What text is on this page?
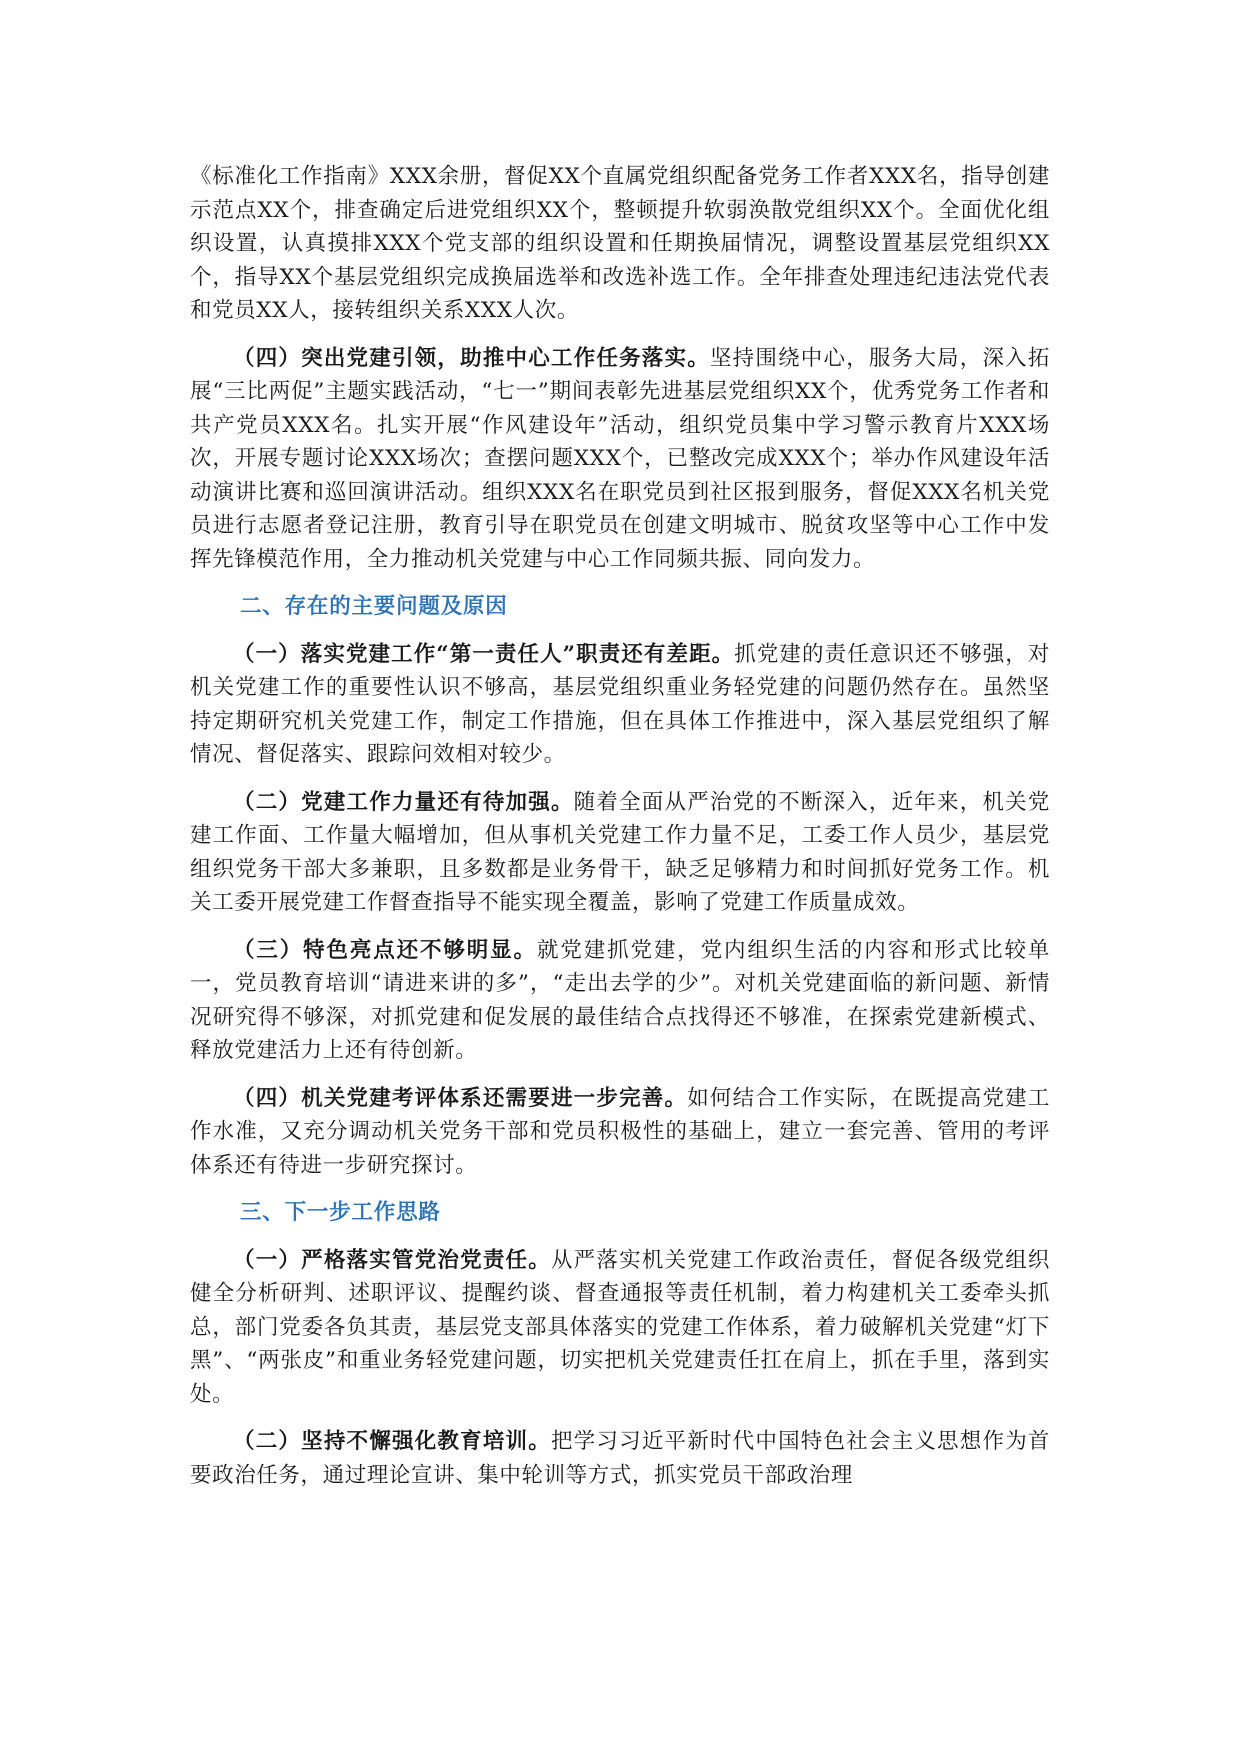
《标准化工作指南》XXX余册，督促XX个直属党组织配备党务工作者XXX名，指导创建示范点XX个，排查确定后进党组织XX个，整顿提升软弱涣散党组织XX个。全面优化组织设置，认真摸排XXX个党支部的组织设置和任期换届情况，调整设置基层党组织XX个，指导XX个基层党组织完成换届选举和改选补选工作。全年排查处理违纪违法党代表和党员XX人，接转组织关系XXX人次。

（四）突出党建引领，助推中心工作任务落实。坚持围绕中心，服务大局，深入拓展“三比两促”主题实践活动，“七一”期间表彰先进基层党组织XX个，优秀党务工作者和共产党员XXX名。扎实开展“作风建设年”活动，组织党员集中学习警示教育片XXX场次，开展专题讨论XXX场次；查摆问题XXX个，已整改完成XXX个；举办作风建设年活动演讲比赛和巡回演讲活动。组织XXX名在职党员到社区报到服务，督促XXX名机关党员进行志愿者登记注册，教育引导在职党员在创建文明城市、脱贫攻坚等中心工作中发挥先锋模范作用，全力推动机关党建与中心工作同频共振、同向发力。

二、存在的主要问题及原因

（一）落实党建工作“第一责任人”职责还有差距。抓党建的责任意识还不够强，对机关党建工作的重要性认识不够高，基层党组织重业务轻党建的问题仍然存在。虽然坚持定期研究机关党建工作，制定工作措施，但在具体工作推进中，深入基层党组织了解情况、督促落实、跟踪问效相对较少。

（二）党建工作力量还有待加强。随着全面从严治党的不断深入，近年来，机关党建工作面、工作量大幅增加，但从事机关党建工作力量不足，工委工作人员少，基层党组织党务干部大多兼职，且多数都是业务骨干，缺乏足够精力和时间抓好党务工作。机关工委开展党建工作督查指导不能实现全覆盖，影响了党建工作质量成效。

（三）特色亮点还不够明显。就党建抓党建，党内组织生活的内容和形式比较单一，党员教育培训“请进来讲的多”，“走出去学的少”。对机关党建面临的新问题、新情况研究得不够深，对抓党建和促发展的最佳结合点找得还不够准，在探索党建新模式、释放党建活力上还有待创新。

（四）机关党建考评体系还需要进一步完善。如何结合工作实际，在既提高党建工作水准，又充分调动机关党务干部和党员积极性的基础上，建立一套完善、管用的考评体系还有待进一步研究探讨。

三、下一步工作思路

（一）严格落实管党治党责任。从严落实机关党建工作政治责任，督促各级党组织健全分析研判、述职评议、提醒约谈、督查通报等责任机制，着力构建机关工委牵头抓总，部门党委各负其责，基层党支部具体落实的党建工作体系，着力破解机关党建“灯下黑”、“两张皮”和重业务轻党建问题，切实把机关党建责任扛在肩上，抓在手里，落到实处。

（二）坚持不懈强化教育培训。把学习习近平新时代中国特色社会主义思想作为首要政治任务，通过理论宣讲、集中轮训等方式，抓实党员干部政治理
